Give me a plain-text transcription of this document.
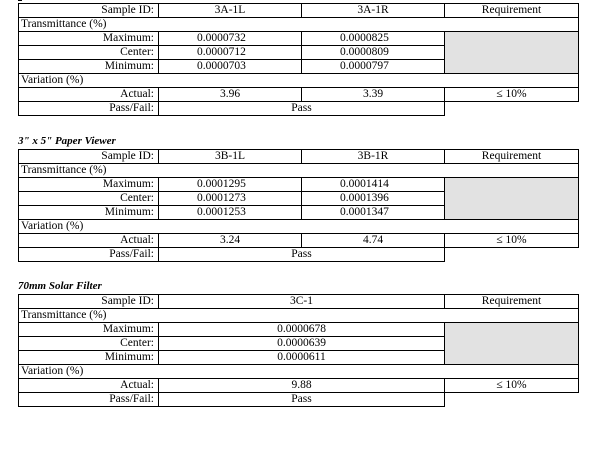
Sample ID:	3A-1L	3A-1R	Requirement
Transmittance (%)			
Maximum:	0.0000732	0.0000825	
Center:	0.0000712	0.0000809	
Minimum:	0.0000703	0.0000797	
Variation (%)			
Actual:	3.96	3.39	≤ 10%
Pass/Fail:	Pass		
3" x 5" Paper Viewer
Sample ID:	3B-1L	3B-1R	Requirement
Transmittance (%)			
Maximum:	0.0001295	0.0001414	
Center:	0.0001273	0.0001396	
Minimum:	0.0001253	0.0001347	
Variation (%)			
Actual:	3.24	4.74	≤ 10%
Pass/Fail:	Pass		
70mm Solar Filter
Sample ID:	3C-1	Requirement
Transmittance (%)		
Maximum:	0.0000678	
Center:	0.0000639	
Minimum:	0.0000611	
Variation (%)		
Actual:	9.88	≤ 10%
Pass/Fail:	Pass	
